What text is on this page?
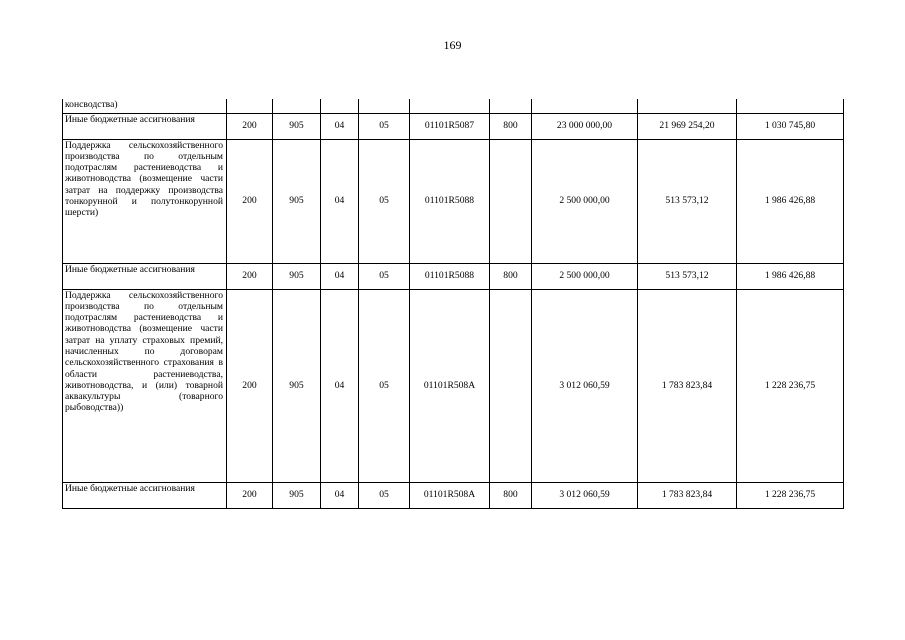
169
консводства)									
Иные бюджетные ассигнования	200	905	04	05	01101R5087	800	23 000 000,00	21 969 254,20	1 030 745,80
Поддержка сельскохозяйственного производства по отдельным подотраслям растениеводства и животноводства (возмещение части затрат на поддержку производства тонкорунной и полутонкорунной шерсти)	200	905	04	05	01101R5088		2 500 000,00	513 573,12	1 986 426,88
Иные бюджетные ассигнования	200	905	04	05	01101R5088	800	2 500 000,00	513 573,12	1 986 426,88
Поддержка сельскохозяйственного производства по отдельным подотраслям растениеводства и животноводства (возмещение части затрат на уплату страховых премий, начисленных по договорам сельскохозяйственного страхования в области растениеводства, животноводства, и (или) товарной аквакультуры (товарного рыбоводства))	200	905	04	05	01101R508A		3 012 060,59	1 783 823,84	1 228 236,75
Иные бюджетные ассигнования	200	905	04	05	01101R508A	800	3 012 060,59	1 783 823,84	1 228 236,75
